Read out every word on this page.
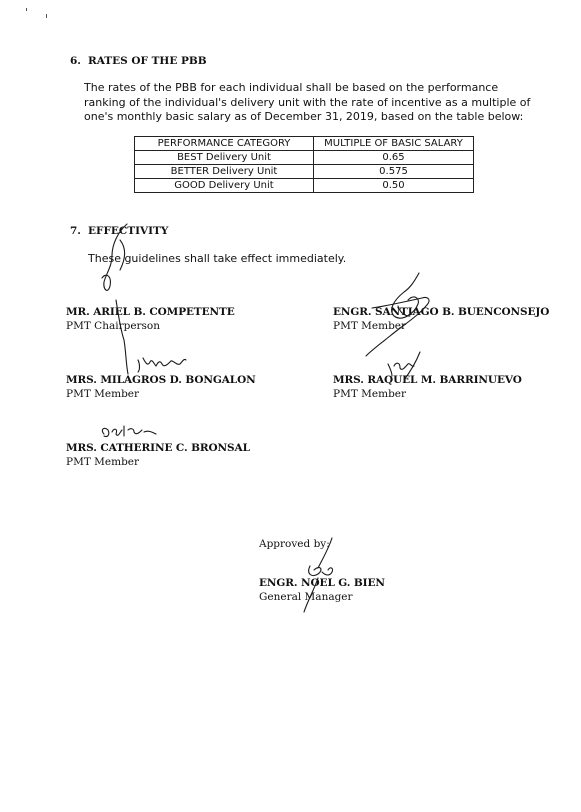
6. RATES OF THE PBB
The rates of the PBB for each individual shall be based on the performance ranking of the individual's delivery unit with the rate of incentive as a multiple of one's monthly basic salary as of December 31, 2019, based on the table below:
PERFORMANCE CATEGORY	MULTIPLE OF BASIC SALARY
BEST Delivery Unit	0.65
BETTER Delivery Unit	0.575
GOOD Delivery Unit	0.50
7. EFFECTIVITY
These guidelines shall take effect immediately.
MR. ARIEL B. COMPETENTE
PMT Chairperson
ENGR. SANTIAGO B. BUENCONSEJO
PMT Member
MRS. MILAGROS D. BONGALON
PMT Member
MRS. RAQUEL M. BARRINUEVO
PMT Member
MRS. CATHERINE C. BRONSAL
PMT Member
Approved by:
ENGR. NOEL G. BIEN
General Manager
